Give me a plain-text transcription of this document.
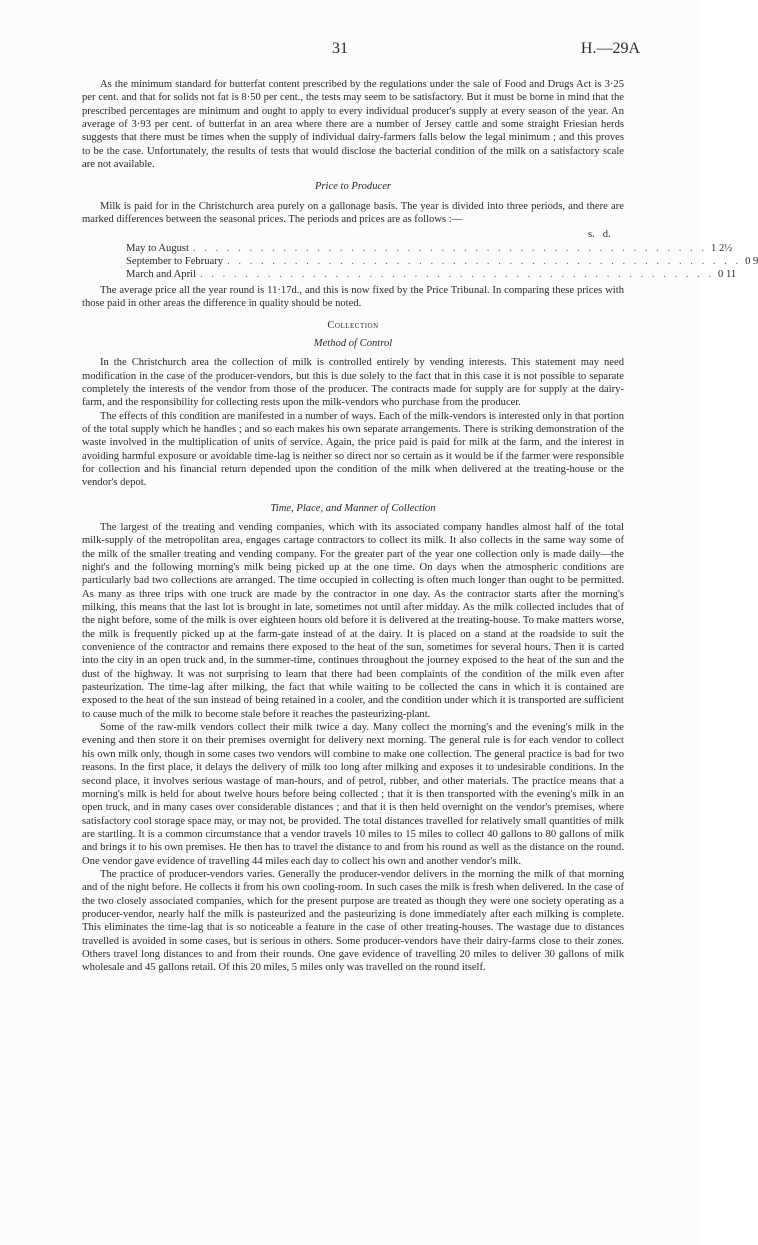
31	H.—29A

As the minimum standard for butterfat content prescribed by the regulations under the sale of Food and Drugs Act is 3·25 per cent. and that for solids not fat is 8·50 per cent., the tests may seem to be satisfactory. But it must be borne in mind that the prescribed percentages are minimum and ought to apply to every individual producer's supply at every season of the year. An average of 3·93 per cent. of butterfat in an area where there are a number of Jersey cattle and some straight Friesian herds suggests that there must be times when the supply of individual dairy-farmers falls below the legal minimum ; and this proves to be the case. Unfortunately, the results of tests that would disclose the bacterial condition of the milk on a satisfactory scale are not available.

Price to Producer

Milk is paid for in the Christchurch area purely on a gallonage basis. The year is divided into three periods, and there are marked differences between the seasonal prices. The periods and prices are as follows :—

s. d.
May to August . . . . . . . . . . . . . . . . . . . . . . . . . . . . . . . . . . . . . . . . . . . . . . 1 2½
September to February . . . . . . . . . . . . . . . . . . . . . . . . . . . . . . . . . . . . . . . . . . . . . . 0 9
March and April . . . . . . . . . . . . . . . . . . . . . . . . . . . . . . . . . . . . . . . . . . . . . . 0 11

The average price all the year round is 11·17d., and this is now fixed by the Price Tribunal. In comparing these prices with those paid in other areas the difference in quality should be noted.

Collection
Method of Control

In the Christchurch area the collection of milk is controlled entirely by vending interests. This statement may need modification in the case of the producer-vendors, but this is due solely to the fact that in this case it is not possible to separate completely the interests of the vendor from those of the producer. The contracts made for supply are for supply at the dairy-farm, and the responsibility for collecting rests upon the milk-vendors who purchase from the producer.

The effects of this condition are manifested in a number of ways. Each of the milk-vendors is interested only in that portion of the total supply which he handles ; and so each makes his own separate arrangements. There is striking demonstration of the waste involved in the multiplication of units of service. Again, the price paid is paid for milk at the farm, and the interest in avoiding harmful exposure or avoidable time-lag is neither so direct nor so certain as it would be if the farmer were responsible for collection and his financial return depended upon the condition of the milk when delivered at the treating-house or the vendor's depot.

Time, Place, and Manner of Collection

The largest of the treating and vending companies, which with its associated company handles almost half of the total milk-supply of the metropolitan area, engages cartage contractors to collect its milk. It also collects in the same way some of the milk of the smaller treating and vending company. For the greater part of the year one collection only is made daily—the night's and the following morning's milk being picked up at the one time. On days when the atmospheric conditions are particularly bad two collections are arranged. The time occupied in collecting is often much longer than ought to be permitted. As many as three trips with one truck are made by the contractor in one day. As the contractor starts after the morning's milking, this means that the last lot is brought in late, sometimes not until after midday. As the milk collected includes that of the night before, some of the milk is over eighteen hours old before it is delivered at the treating-house. To make matters worse, the milk is frequently picked up at the farm-gate instead of at the dairy. It is placed on a stand at the roadside to suit the convenience of the contractor and remains there exposed to the heat of the sun, sometimes for several hours. Then it is carted into the city in an open truck and, in the summer-time, continues throughout the journey exposed to the heat of the sun and the dust of the highway. It was not surprising to learn that there had been complaints of the condition of the milk even after pasteurization. The time-lag after milking, the fact that while waiting to be collected the cans in which it is contained are exposed to the heat of the sun instead of being retained in a cooler, and the condition under which it is transported are sufficient to cause much of the milk to become stale before it reaches the pasteurizing-plant.

Some of the raw-milk vendors collect their milk twice a day. Many collect the morning's and the evening's milk in the evening and then store it on their premises overnight for delivery next morning. The general rule is for each vendor to collect his own milk only, though in some cases two vendors will combine to make one collection. The general practice is bad for two reasons. In the first place, it delays the delivery of milk too long after milking and exposes it to undesirable conditions. In the second place, it involves serious wastage of man-hours, and of petrol, rubber, and other materials. The practice means that a morning's milk is held for about twelve hours before being collected ; that it is then transported with the evening's milk in an open truck, and in many cases over considerable distances ; and that it is then held overnight on the vendor's premises, where satisfactory cool storage space may, or may not, be provided. The total distances travelled for relatively small quantities of milk are startling. It is a common circumstance that a vendor travels 10 miles to 15 miles to collect 40 gallons to 80 gallons of milk and brings it to his own premises. He then has to travel the distance to and from his round as well as the distance on the round. One vendor gave evidence of travelling 44 miles each day to collect his own and another vendor's milk.

The practice of producer-vendors varies. Generally the producer-vendor delivers in the morning the milk of that morning and of the night before. He collects it from his own cooling-room. In such cases the milk is fresh when delivered. In the case of the two closely associated companies, which for the present purpose are treated as though they were one society operating as a producer-vendor, nearly half the milk is pasteurized and the pasteurizing is done immediately after each milking is complete. This eliminates the time-lag that is so noticeable a feature in the case of other treating-houses. The wastage due to distances travelled is avoided in some cases, but is serious in others. Some producer-vendors have their dairy-farms close to their zones. Others travel long distances to and from their rounds. One gave evidence of travelling 20 miles to deliver 30 gallons of milk wholesale and 45 gallons retail. Of this 20 miles, 5 miles only was travelled on the round itself.
